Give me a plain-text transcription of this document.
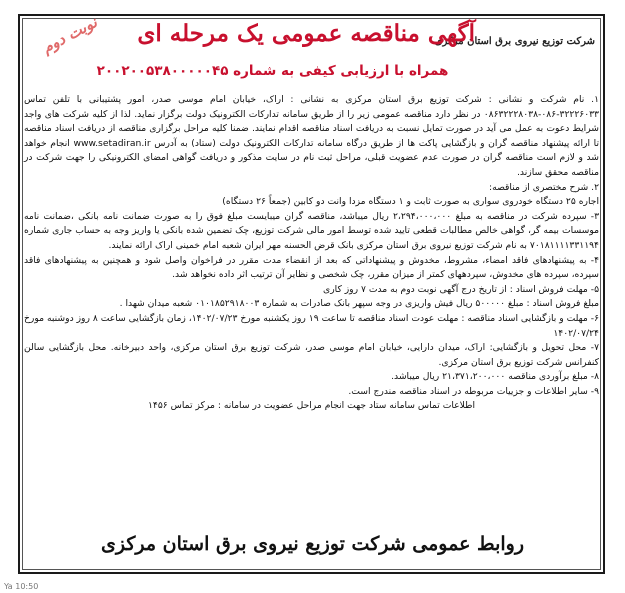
شرکت توزیع نیروی برق استان مرکزی
نوبت دوم آگهی مناقصه عمومی یک مرحله ای
همراه با ارزیابی کیفی به شماره ۲۰۰۲۰۰۵۳۸۰۰۰۰۰۴۵

۱. نام شرکت و نشانی : شرکت توزیع برق استان مرکزی به نشانی : اراک، خیابان امام موسی صدر، امور پشتیبانی با تلفن تماس ۳۲۲۲۶۰۳۳-۰۸۶-۰۸۶۳۲۲۲۸۰۳۸ در نظر دارد مناقصه عمومی زیر را از طریق سامانه تدارکات الکترونیک دولت برگزار نماید. لذا از کلیه شرکت های واجد شرایط دعوت به عمل می آید در صورت تمایل نسبت به دریافت اسناد مناقصه اقدام نمایند. ضمنا کلیه مراحل برگزاری مناقصه از دریافت اسناد مناقصه تا ارائه پیشنهاد مناقصه گران و بازگشایی پاکت ها از طریق درگاه سامانه تدارکات الکترونیک دولت (ستاد) به آدرس www.setadiran.ir انجام خواهد شد و لازم است مناقصه گران در صورت عدم عضویت قبلی، مراحل ثبت نام در سایت مذکور و دریافت گواهی امضای الکترونیکی را جهت شرکت در مناقصه محقق سازند.

۲. شرح مختصری از مناقصه:

اجاره ۲۵ دستگاه خودروی سواری به صورت ثابت و ۱ دستگاه مزدا وانت دو کابین (جمعاً ۲۶ دستگاه)

۳- سپرده شرکت در مناقصه به مبلغ ۲،۲۹۴،۰۰۰،۰۰۰ ریال میباشد، مناقصه گران میبایست مبلغ فوق را به صورت ضمانت نامه بانکی ،ضمانت نامه موسسات بیمه گر، گواهی خالص مطالبات قطعی تایید شده توسط امور مالی شرکت توزیع، چک تضمین شده بانکی یا واریز وجه به حساب جاری شماره ۷۰۱۸۱۱۱۱۳۳۱۱۹۴ به نام شرکت توزیع نیروی برق استان مرکزی بانک قرض الحسنه مهر ایران شعبه امام خمینی اراک ارائه نمایند.

۴- به پیشنهادهای فاقد امضاء، مشروط، مخدوش و پیشنهاداتی که بعد از انقضاء مدت مقرر در فراخوان واصل شود و همچنین به پیشنهادهای فاقد سپرده، سپرده های مخدوش، سپردههای کمتر از میزان مقرر، چک شخصی و نظایر آن ترتیب اثر داده نخواهد شد.

۵- مهلت فروش اسناد : از تاریخ درج آگهی نوبت دوم به مدت ۷ روز کاری

مبلغ فروش اسناد : مبلغ ۵۰۰۰۰۰ ریال فیش واریزی در وجه سپهر بانک صادرات به شماره ۰۱۰۱۸۵۲۹۱۸۰۰۳ شعبه میدان شهدا .

۶- مهلت و بازگشایی اسناد مناقصه : مهلت عودت اسناد مناقصه تا ساعت ۱۹ روز یکشنبه مورخ ۱۴۰۲/۰۷/۲۳، زمان بازگشایی ساعت ۸ روز دوشنبه مورخ ۱۴۰۲/۰۷/۲۴

۷- محل تحویل و بازگشایی: اراک، میدان دارایی، خیابان امام موسی صدر، شرکت توزیع برق استان مرکزی، واحد دبیرخانه. محل بازگشایی سالن کنفرانس شرکت توزیع برق استان مرکزی.

۸- مبلغ برآوردی مناقصه ۲۱،۳۷۱،۲۰۰،۰۰۰ ریال میباشد.

۹- سایر اطلاعات و جزییات مربوطه در اسناد مناقصه مندرج است.

اطلاعات تماس سامانه ستاد جهت انجام مراحل عضویت در سامانه : مرکز تماس ۱۴۵۶

روابط عمومی شرکت توزیع نیروی برق استان مرکزی
Ya 10:50
